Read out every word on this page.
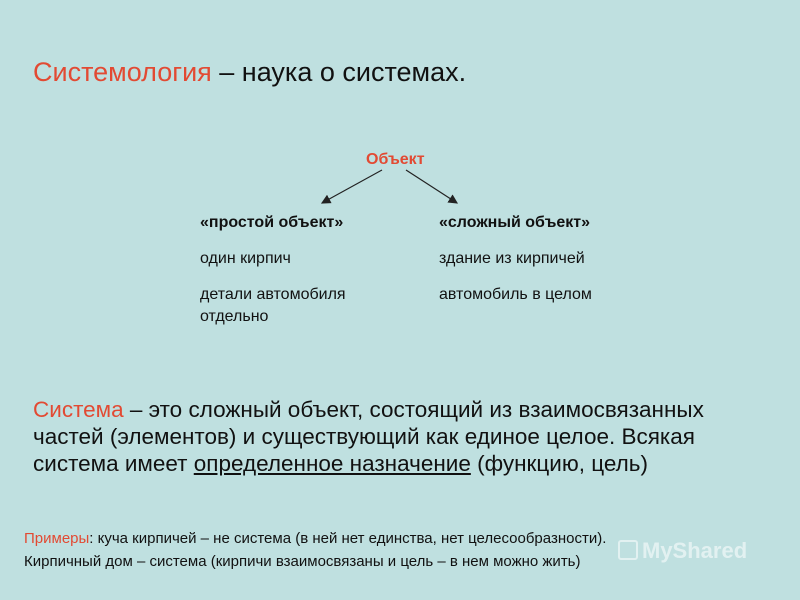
Системология – наука о системах.
Объект
«простой объект»
один кирпич
детали автомобиля отдельно
«сложный объект»
здание из кирпичей
автомобиль в целом
Система – это сложный объект, состоящий из взаимосвязанных частей (элементов) и существующий как единое целое. Всякая система имеет определенное назначение (функцию, цель)
Примеры: куча кирпичей – не система (в ней нет единства, нет целесообразности).
Кирпичный дом – система (кирпичи взаимосвязаны и цель – в нем можно жить)	MyShared
